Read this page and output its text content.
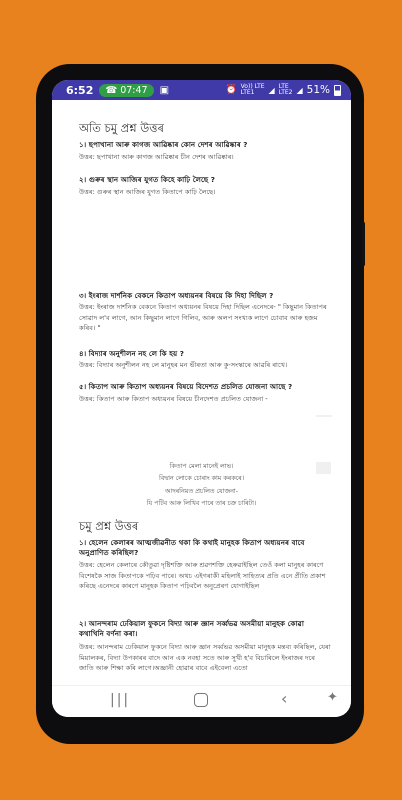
6:52 ☎ 07:47 ▣	⏰ Vo)) LTE
LTE1	◢ LTE
LTE2 ◢ 51%
অতি চমু প্ৰশ্ন উত্তৰ
১। ছপাখানা আৰু কাগজ আৱিষ্কাৰ কোন দেশৰ আৱিষ্কাৰ ?
উত্তৰ: ছপাখানা আৰু কাগজ আৱিষ্কাৰ চীন দেশৰ আৱিষ্কাৰ।
২। গুৰুৰ স্থান আজিৰ যুগত কিহে কাঢ়ি লৈছে ?
উত্তৰ: গুৰুৰ স্থান আজিৰ যুগত কিতাপে কাঢ়ি লৈছে।
৩। ইংৰাজ দাৰ্শনিক বেকনে কিতাপ অধ্যয়নৰ বিষয়ে কি দিহা দিছিল ?
উত্তৰ: ইংৰাজ দাৰ্শনিক বেকনে কিতাপ অধ্যয়নৰ বিষয়ে দিহা দিছিল এনেদৰে- " কিছুমান কিতাপৰ সোৱাদ ল'ব লাগে, আন কিছুমান লাগে গিলিব, আৰু অলপ সংখ্যক লাগে চোবাব আৰু হজম কৰিব। "
৪। বিদ্যাৰ অনুশীলন নহ লে কি হয় ?
উত্তৰ: বিদ্যাৰ অনুশীলন নহ লে মানুহৰ মন ভীৰতা আৰু কু-সংস্কাৰে আৱৰি ৰাখে।
৫। কিতাপ আৰু কিতাপ অধ্যয়নৰ বিষয়ে বিদেশত প্ৰচলিত যোজনা আছে ?
উত্তৰ: কিতাপ আৰু কিতাপ অধ্যয়নৰ বিষয়ে চীনদেশত প্ৰচলিত যোজনা -
কিতাপ মেলা মানেই লাভ।
বিদ্বান লোকে চোৰাং কাম কৰকৰে।
আদৰনিয়ত প্ৰচলিত যোজনা-
যি পটিব আৰু লিখিব পাৰে তাৰ চক্ৰ চাৰিটা।
চমু প্ৰশ্ন উত্তৰ
১। হেলেন কেলাৰৰ আত্মজীৱনীত থকা কি কথাই মানুহক কিতাপ অধ্যয়নৰ বাবে অনুপ্ৰাণিত কৰিছিল?
উত্তৰ: হেলেন কেলাৰে কৌতুৱা দৃষ্টিশক্তি আৰু শ্ৰৱণশক্তি হেৰুৱাইছিল তেওঁ কলা মানুহৰ কাৰণে বিশেষকৈ সাজ কিতাপকে পঢ়িব পাৰে। অথচ এইগৰাকী মহিলাই সাহিত্যৰ প্ৰতি এনে প্ৰীতি প্ৰকাশ কৰিছে এনেদৰে কাৰণে মানুহক কিতাপ পঢ়িবলৈ অনুপ্ৰেৰণ যোগাইছিল
২। আনন্দৰাম ঢেকিয়াল ফুকনে বিদ্যা আৰু জ্ঞান সৰ্ব্বভৱ অসমীয়া মানুহক কোৱা কথাখিনি বৰ্ণনা কৰা।
উত্তৰ: আনন্দৰাম ঢেকিয়াল ফুকনে বিদ্যা আৰু জ্ঞান সৰ্ব্বভৱ অসমীয়া মানুহক মন্তব্য কৰিছিল, যেৰা মিয়ালকৰ, বিদ্যা উপকাৰৰ বাদে আন এক নবহা সতে আৰু সুখী হ'ব বিচাৰিলে ইংৰাজৰ দৰে জাতি আৰু শিক্ষা কৰি লাগে।অজ্ঞানী হোৱাৰ বাবে এইবেলা এতো
|||	‹	✦
